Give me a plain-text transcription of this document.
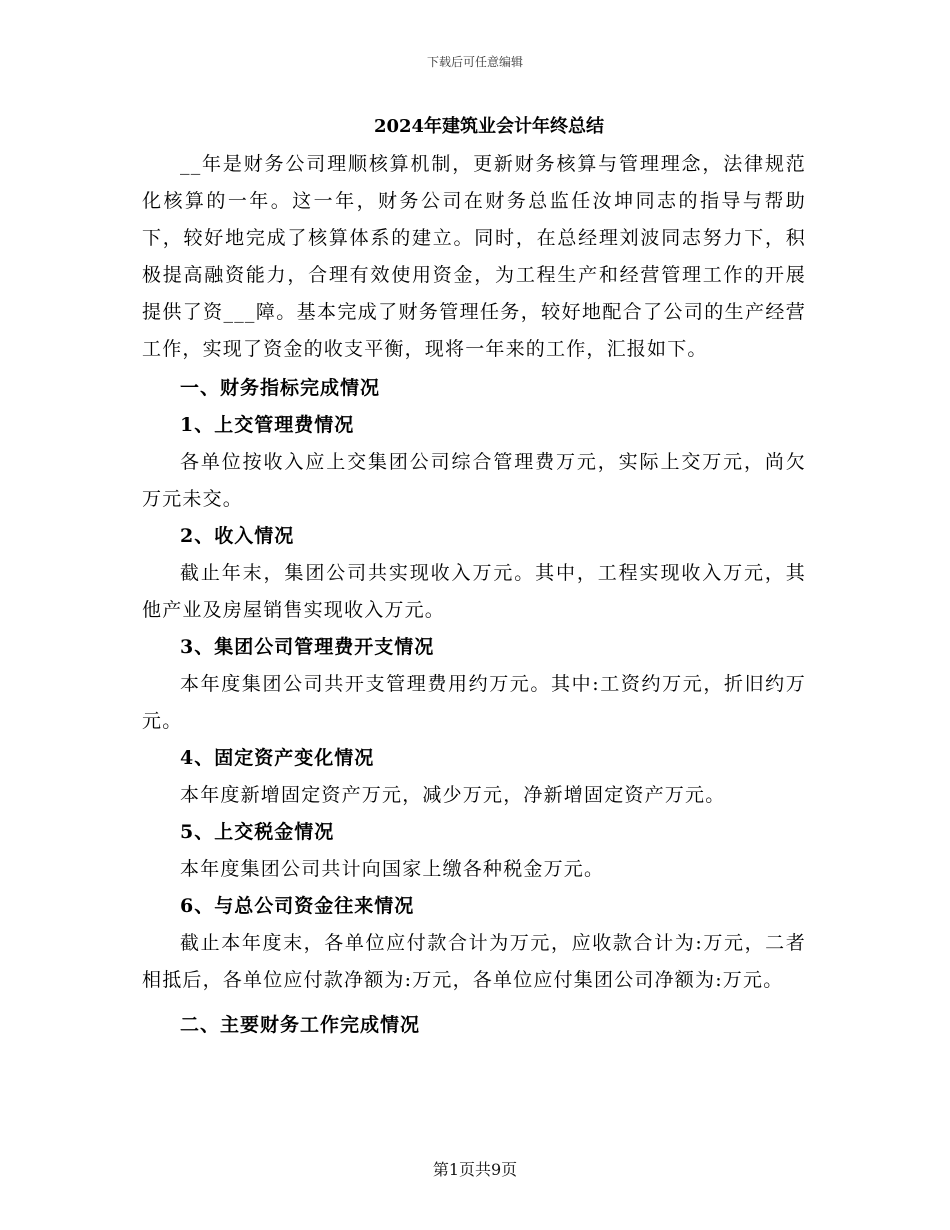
下载后可任意编辑
2024年建筑业会计年终总结

__年是财务公司理顺核算机制，更新财务核算与管理理念，法律规范化核算的一年。这一年，财务公司在财务总监任汝坤同志的指导与帮助下，较好地完成了核算体系的建立。同时，在总经理刘波同志努力下，积极提高融资能力，合理有效使用资金，为工程生产和经营管理工作的开展提供了资___障。基本完成了财务管理任务，较好地配合了公司的生产经营工作，实现了资金的收支平衡，现将一年来的工作，汇报如下。

一、财务指标完成情况

1、上交管理费情况

各单位按收入应上交集团公司综合管理费万元，实际上交万元，尚欠万元未交。

2、收入情况

截止年末，集团公司共实现收入万元。其中，工程实现收入万元，其他产业及房屋销售实现收入万元。

3、集团公司管理费开支情况

本年度集团公司共开支管理费用约万元。其中:工资约万元，折旧约万元。

4、固定资产变化情况

本年度新增固定资产万元，减少万元，净新增固定资产万元。

5、上交税金情况

本年度集团公司共计向国家上缴各种税金万元。

6、与总公司资金往来情况

截止本年度末，各单位应付款合计为万元，应收款合计为:万元，二者相抵后，各单位应付款净额为:万元，各单位应付集团公司净额为:万元。

二、主要财务工作完成情况

第1页共9页
